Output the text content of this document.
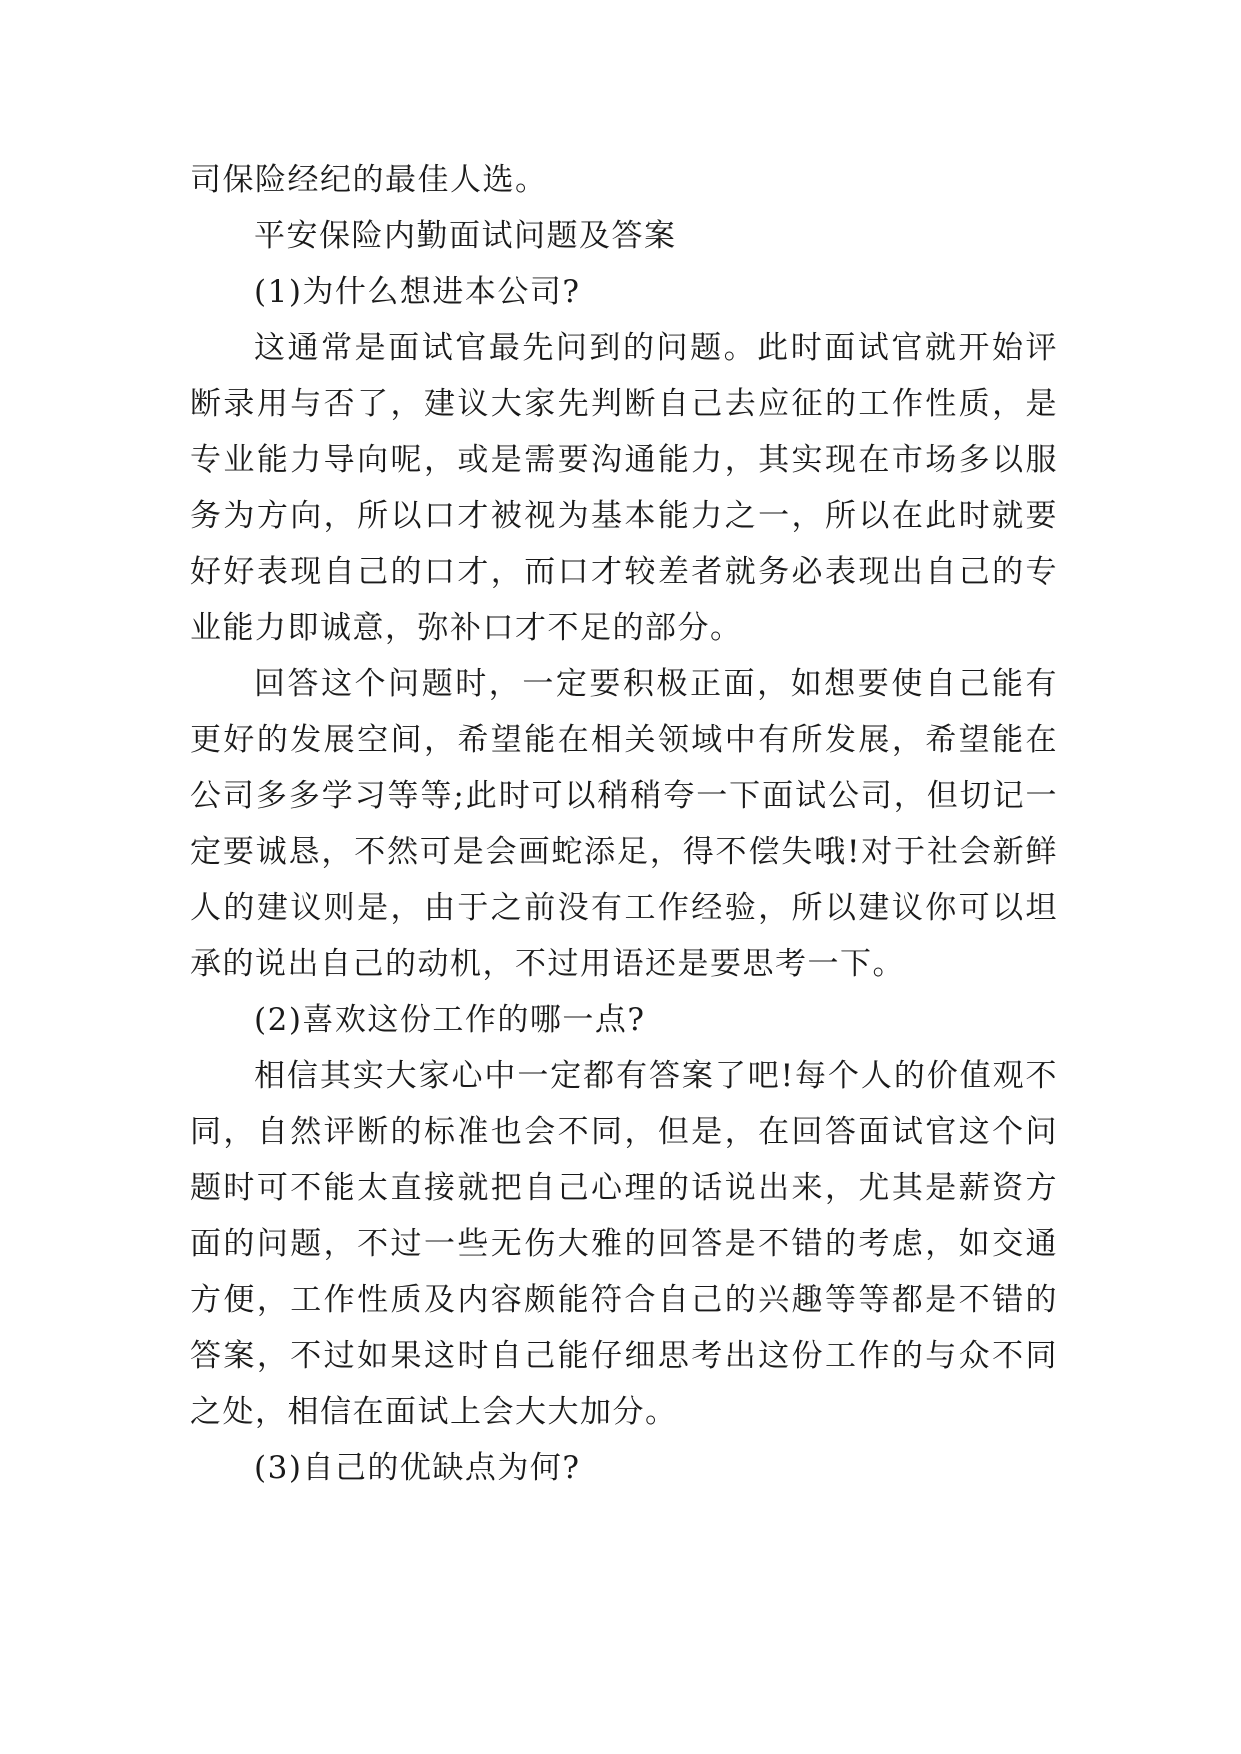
司保险经纪的最佳人选。

平安保险内勤面试问题及答案

(1)为什么想进本公司?

这通常是面试官最先问到的问题。此时面试官就开始评断录用与否了，建议大家先判断自己去应征的工作性质，是专业能力导向呢，或是需要沟通能力，其实现在市场多以服务为方向，所以口才被视为基本能力之一，所以在此时就要好好表现自己的口才，而口才较差者就务必表现出自己的专业能力即诚意，弥补口才不足的部分。

回答这个问题时，一定要积极正面，如想要使自己能有更好的发展空间，希望能在相关领域中有所发展，希望能在公司多多学习等等;此时可以稍稍夸一下面试公司，但切记一定要诚恳，不然可是会画蛇添足，得不偿失哦!对于社会新鲜人的建议则是，由于之前没有工作经验，所以建议你可以坦承的说出自己的动机，不过用语还是要思考一下。

(2)喜欢这份工作的哪一点?

相信其实大家心中一定都有答案了吧!每个人的价值观不同，自然评断的标准也会不同，但是，在回答面试官这个问题时可不能太直接就把自己心理的话说出来，尤其是薪资方面的问题，不过一些无伤大雅的回答是不错的考虑，如交通方便，工作性质及内容颇能符合自己的兴趣等等都是不错的答案，不过如果这时自己能仔细思考出这份工作的与众不同之处，相信在面试上会大大加分。

(3)自己的优缺点为何?
